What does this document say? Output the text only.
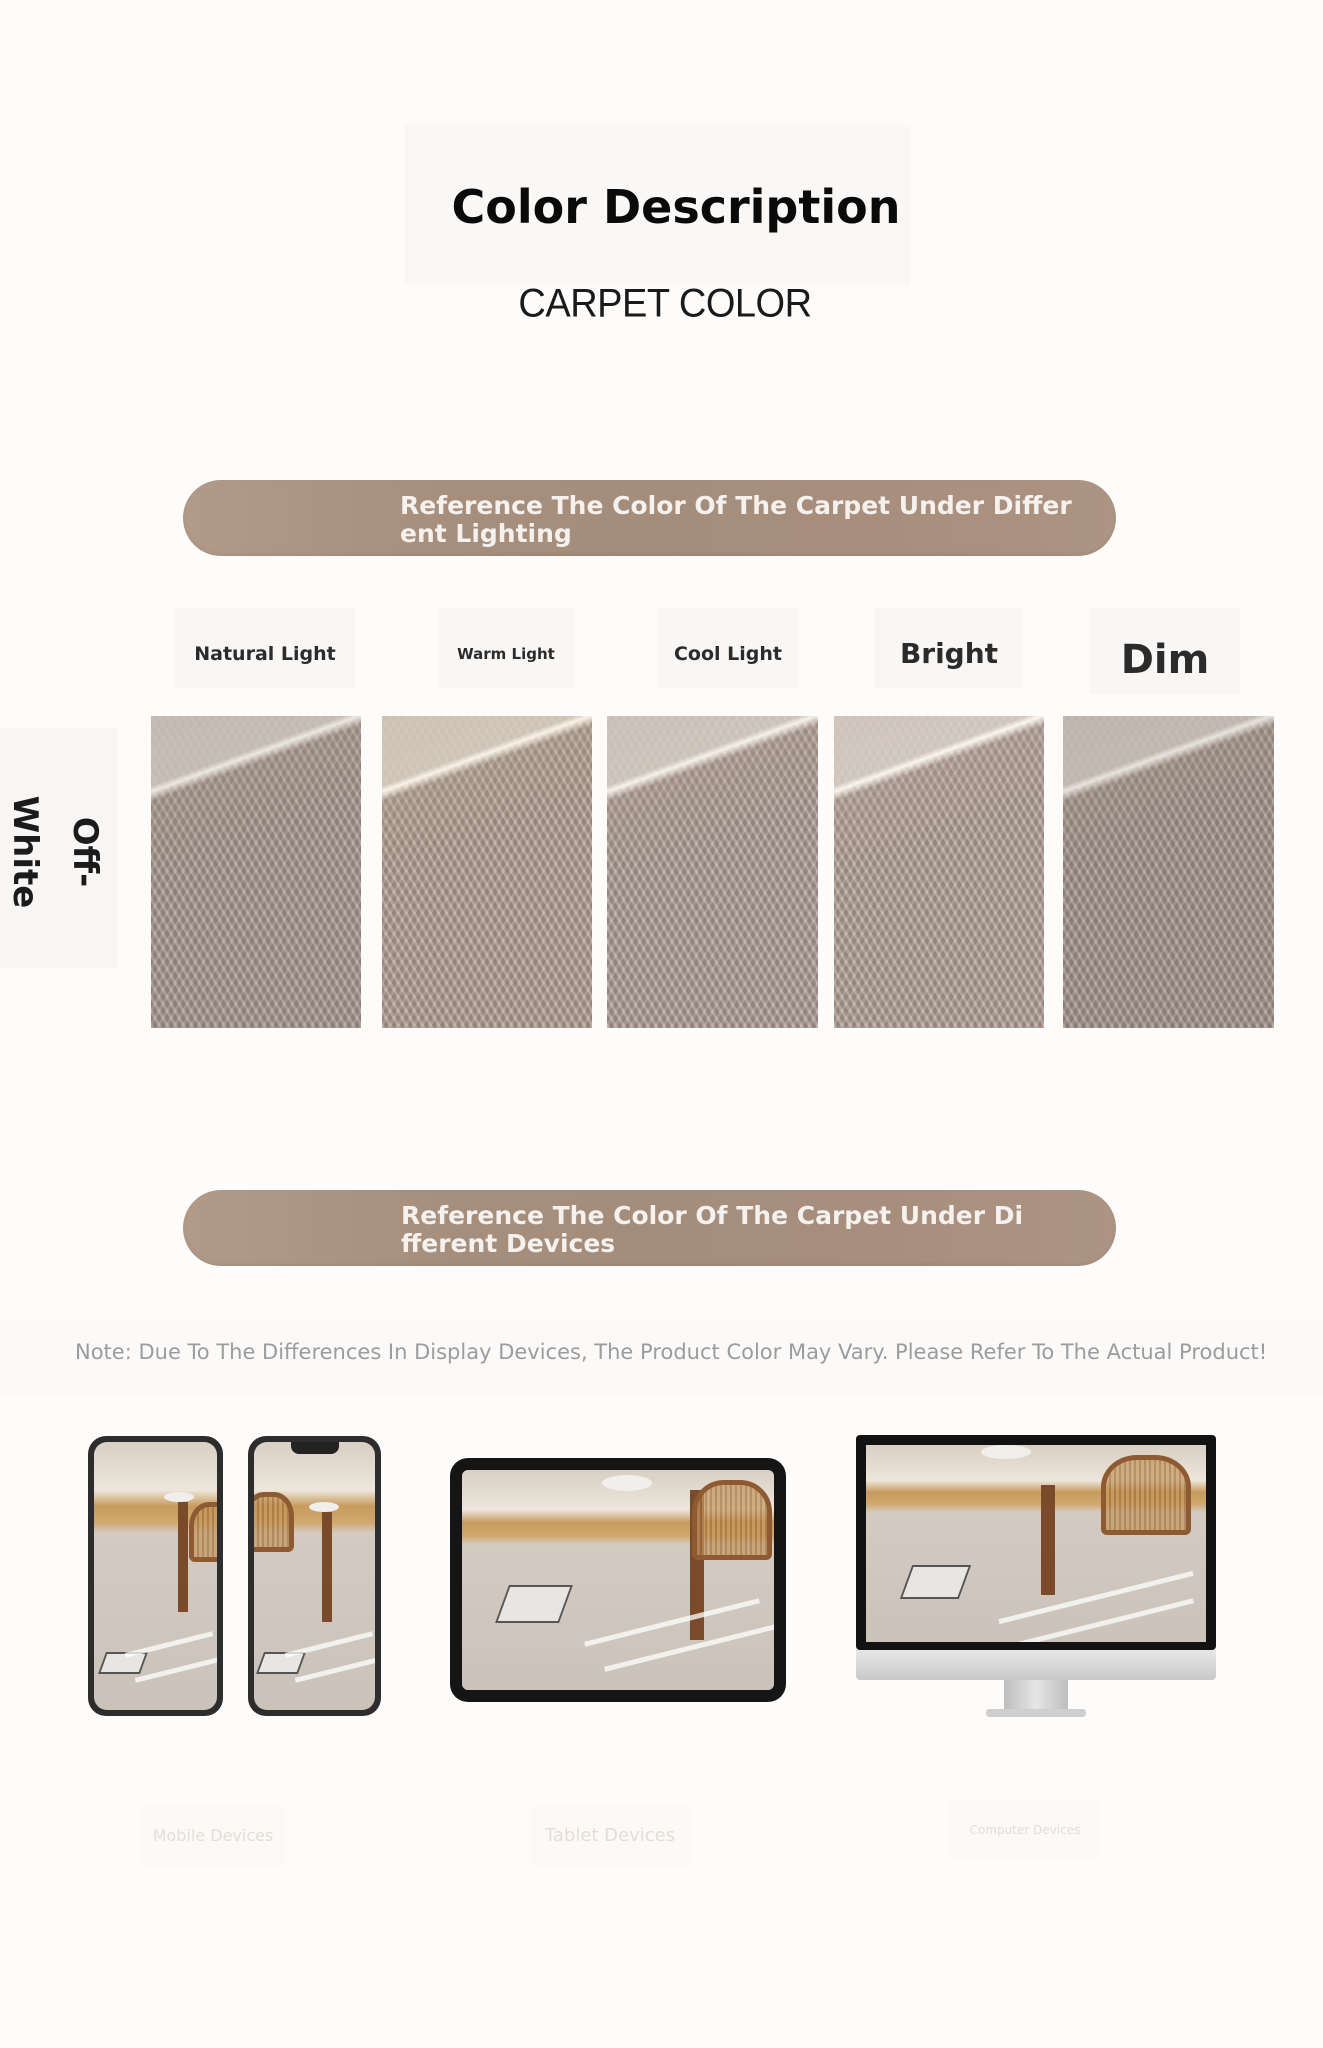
Color Description
CARPET COLOR
Reference The Color Of The Carpet Under Differ
ent Lighting
Natural Light	Warm Light	Cool Light	Bright	Dim
Off-White
Reference The Color Of The Carpet Under Di
fferent Devices
Note: Due To The Differences In Display Devices, The Product Color May Vary. Please Refer To The Actual Product!
Mobile Devices	Tablet Devices	Computer Devices
